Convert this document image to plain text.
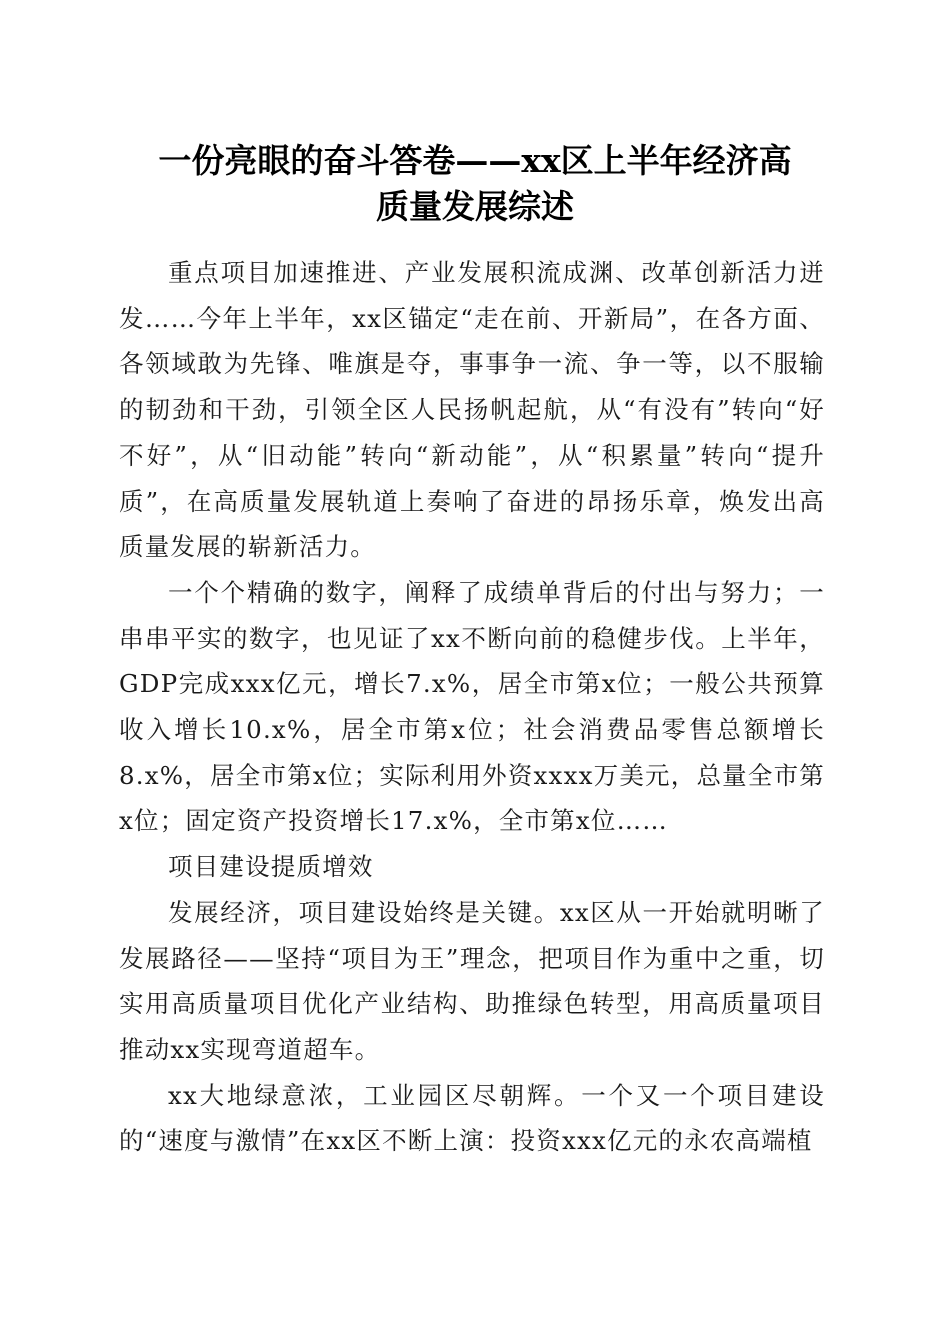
一份亮眼的奋斗答卷——xx区上半年经济高
质量发展综述

重点项目加速推进、产业发展积流成渊、改革创新活力迸发……今年上半年，xx区锚定“走在前、开新局”，在各方面、各领域敢为先锋、唯旗是夺，事事争一流、争一等，以不服输的韧劲和干劲，引领全区人民扬帆起航，从“有没有”转向“好不好”，从“旧动能”转向“新动能”，从“积累量”转向“提升质”，在高质量发展轨道上奏响了奋进的昂扬乐章，焕发出高质量发展的崭新活力。

一个个精确的数字，阐释了成绩单背后的付出与努力；一串串平实的数字，也见证了xx不断向前的稳健步伐。上半年，GDP完成xxx亿元，增长7.x%，居全市第x位；一般公共预算收入增长10.x%，居全市第x位；社会消费品零售总额增长8.x%，居全市第x位；实际利用外资xxxx万美元，总量全市第x位；固定资产投资增长17.x%，全市第x位……

项目建设提质增效

发展经济，项目建设始终是关键。xx区从一开始就明晰了发展路径——坚持“项目为王”理念，把项目作为重中之重，切实用高质量项目优化产业结构、助推绿色转型，用高质量项目推动xx实现弯道超车。

xx大地绿意浓，工业园区尽朝辉。一个又一个项目建设的“速度与激情”在xx区不断上演：投资xxx亿元的永农高端植
